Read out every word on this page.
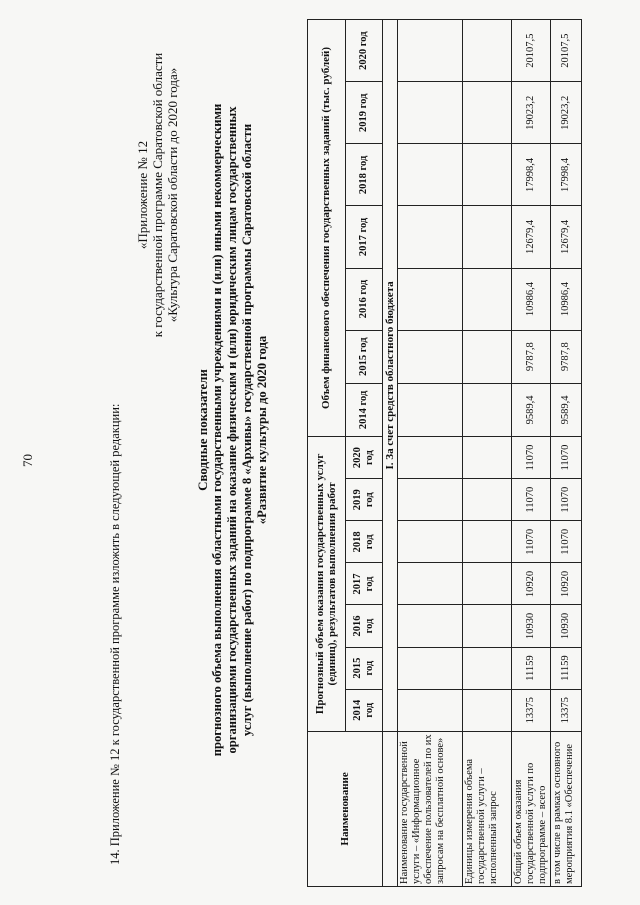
70	14. Приложение № 12 к государственной программе изложить в следующей редакции:
«Приложение № 12 к государственной программе Саратовской области «Культура Саратовской области до 2020 года»
Сводные показатели прогнозного объема выполнения областными государственными учреждениями и (или) иными некоммерческими организациями государственных заданий на оказание физическим и (или) юридическим лицам государственных услуг (выполнение работ) по подпрограмме 8 «Архивы» государственной программы Саратовской области «Развитие культуры до 2020 года
Наименование	Прогнозный объем оказания государственных услуг (единиц), результатов выполнения работ							Объем финансового обеспечения государственных заданий (тыс. рублей)						
	2014 год	2015 год	2016 год	2017 год	2018 год	2019 год	2020 год	2014 год	2015 год	2016 год	2017 год	2018 год	2019 год	2020 год
	I. За счет средств областного бюджета													
Наименование государственной услуги – «Информационное обеспечение пользователей по их запросам на бесплатной основе»														
Единицы измерения объема государственной услуги – исполненный запрос														
Общий объем оказания государственной услуги по подпрограмме – всего	13375	11159	10930	10920	11070	11070	11070	9589,4	9787,8	10986,4	12679,4	17998,4	19023,2	20107,5
в том числе в рамках основного мероприятия 8.1 «Обеспечение	13375	11159	10930	10920	11070	11070	11070	9589,4	9787,8	10986,4	12679,4	17998,4	19023,2	20107,5
